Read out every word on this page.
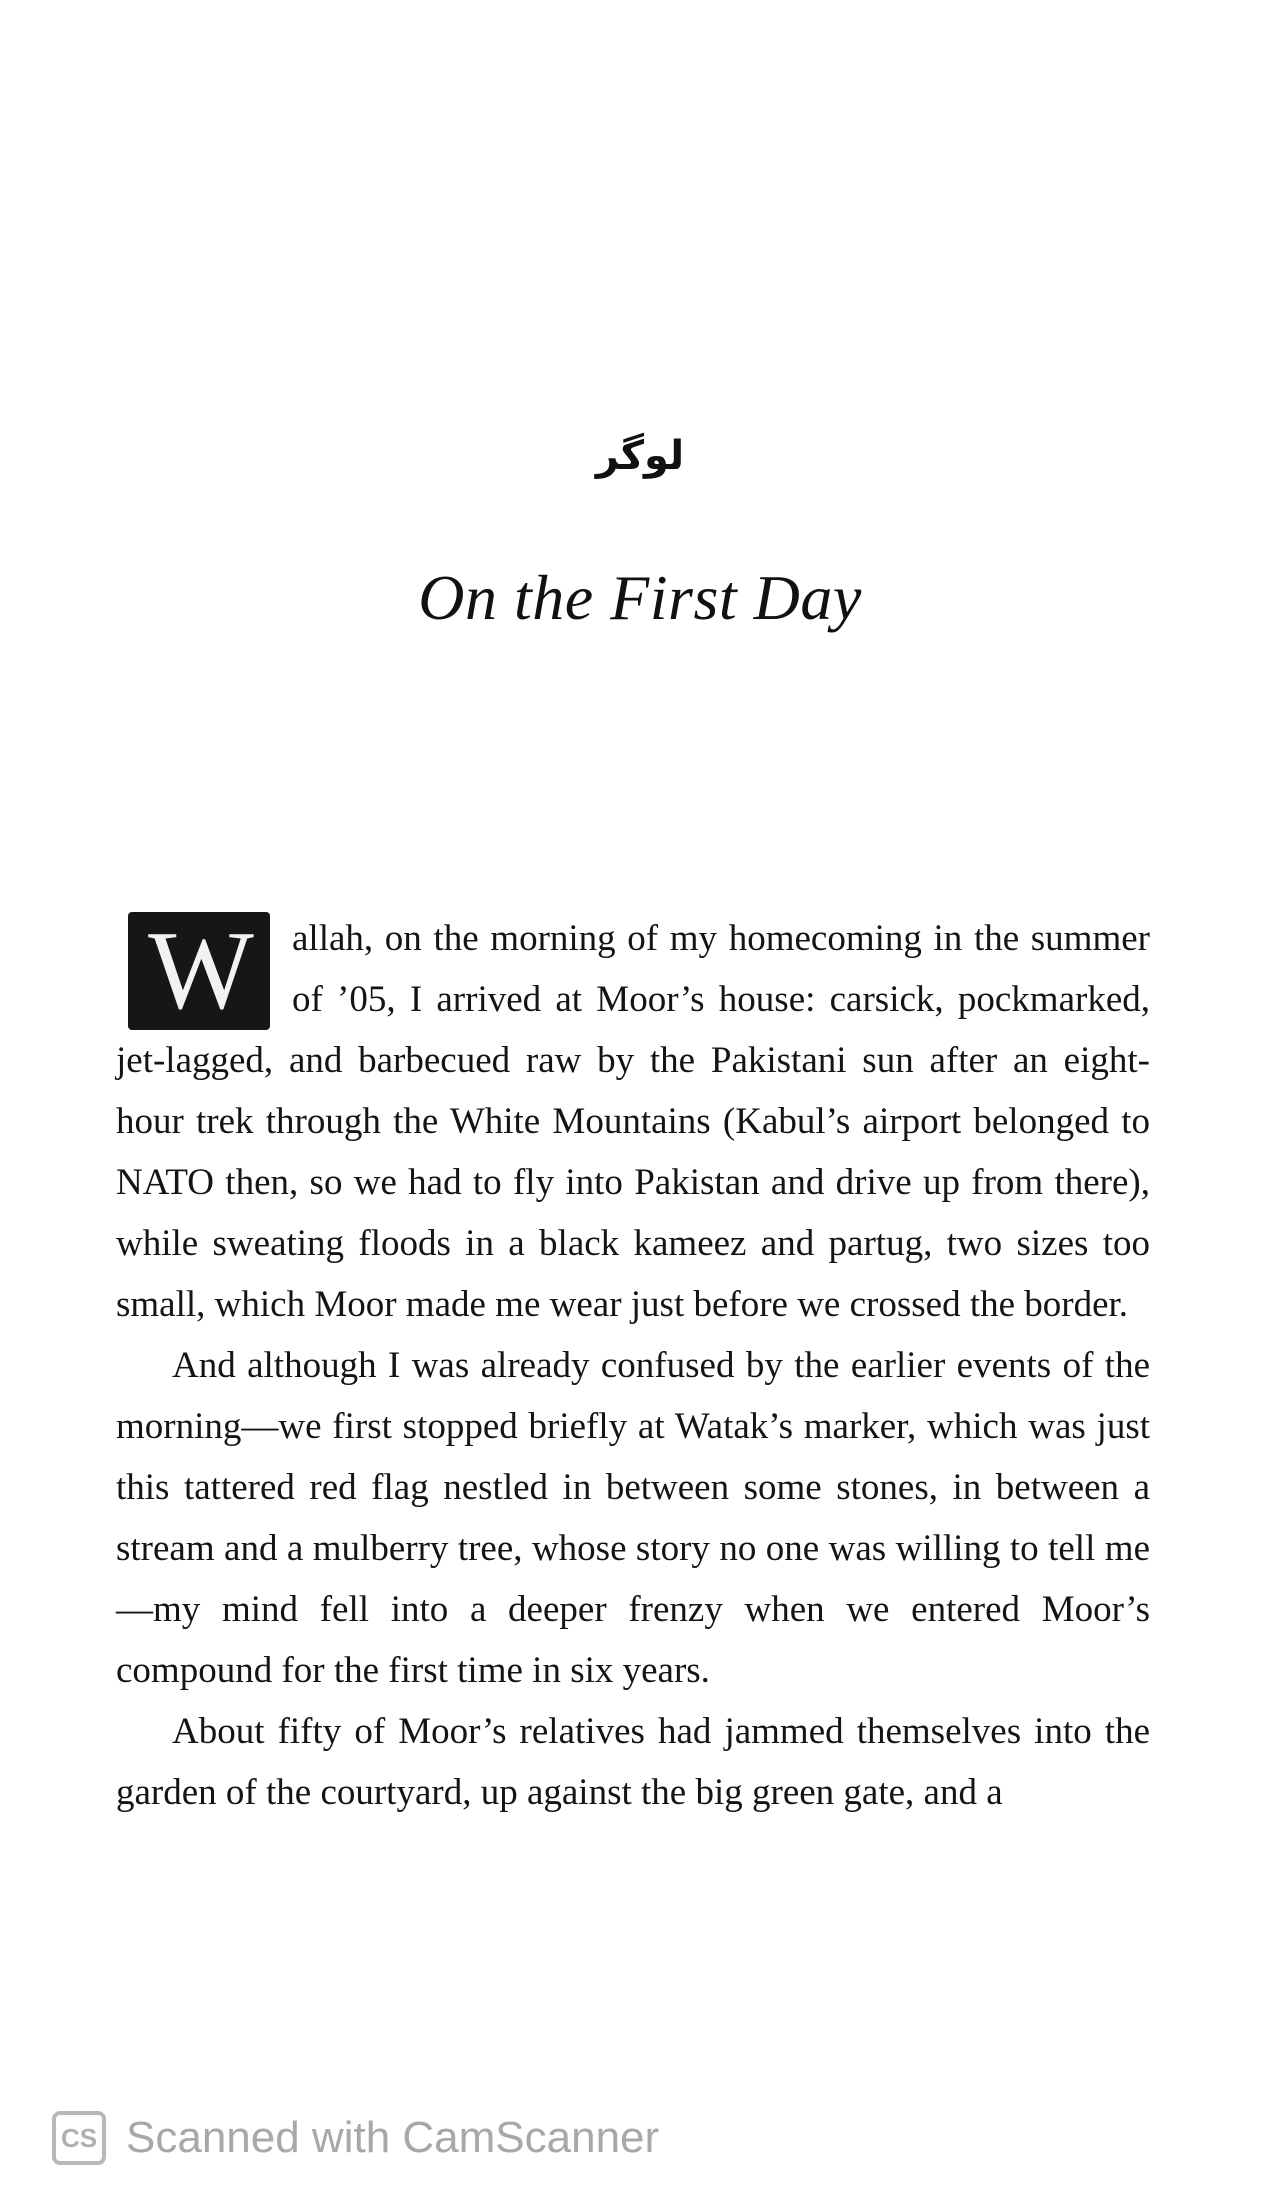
لوگر
On the First Day

W	allah, on the morning of my homecoming in the summer of ’05, I arrived at Moor’s house: carsick, pockmarked, jet-lagged, and barbecued raw by the Pakistani sun after an eight-hour trek through the White Mountains (Kabul’s airport belonged to NATO then, so we had to fly into Pakistan and drive up from there), while sweating floods in a black kameez and partug, two sizes too small, which Moor made me wear just before we crossed the border.

And although I was already confused by the earlier events of the morning—we first stopped briefly at Watak’s marker, which was just this tattered red flag nestled in between some stones, in between a stream and a mulberry tree, whose story no one was willing to tell me—my mind fell into a deeper frenzy when we entered Moor’s compound for the first time in six years.

About fifty of Moor’s relatives had jammed themselves into the garden of the courtyard, up against the big green gate, and a

CS Scanned with CamScanner
